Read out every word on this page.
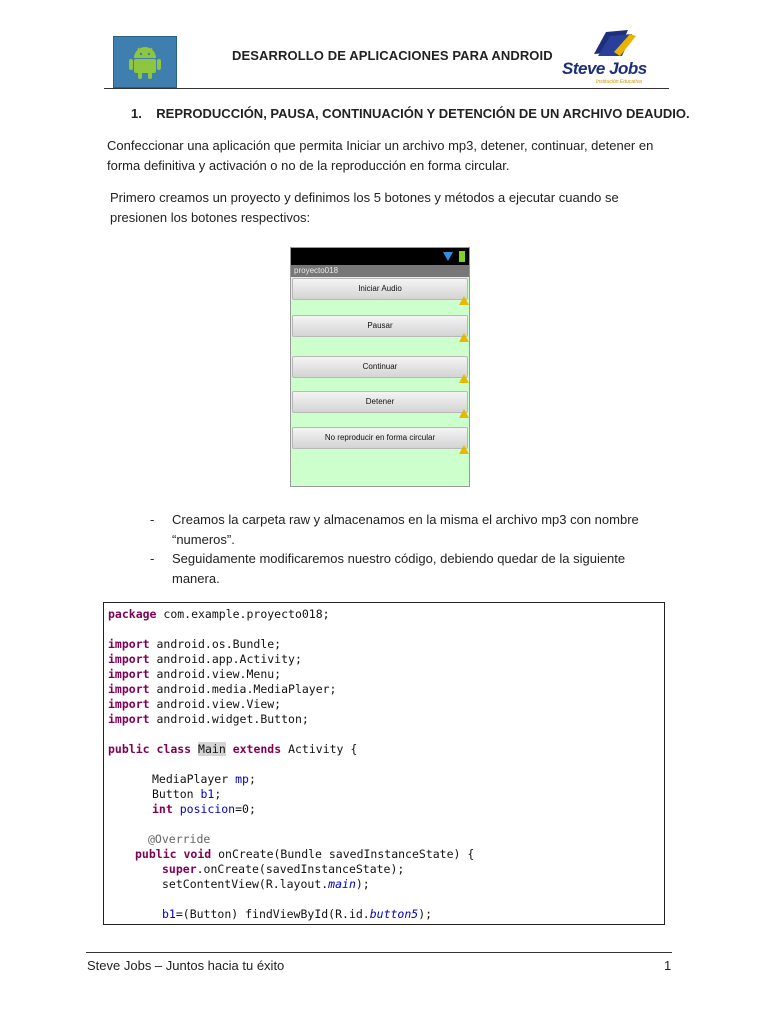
DESARROLLO DE APLICACIONES PARA ANDROID
Steve Jobs
Institución Educativa
1. REPRODUCCIÓN, PAUSA, CONTINUACIÓN Y DETENCIÓN DE UN ARCHIVO DEAUDIO.
Confeccionar una aplicación que permita Iniciar un archivo mp3, detener, continuar, detener en forma definitiva y activación o no de la reproducción en forma circular.
Primero creamos un proyecto y definimos los 5 botones y métodos a ejecutar cuando se presionen los botones respectivos:
proyecto018
Iniciar Audio
Pausar
Continuar
Detener
No reproducir en forma circular
- Creamos la carpeta raw y almacenamos en la misma el archivo mp3 con nombre “numeros”.
- Seguidamente modificaremos nuestro código, debiendo quedar de la siguiente manera.
package com.example.proyecto018;
import android.os.Bundle;
import android.app.Activity;
import android.view.Menu;
import android.media.MediaPlayer;
import android.view.View;
import android.widget.Button;
public class Main extends Activity {
MediaPlayer mp;
Button b1;
int posicion=0;
@Override
public void onCreate(Bundle savedInstanceState) {
super.onCreate(savedInstanceState);
setContentView(R.layout.main);
b1=(Button) findViewById(R.id.button5);
Steve Jobs – Juntos hacia tu éxito	1
